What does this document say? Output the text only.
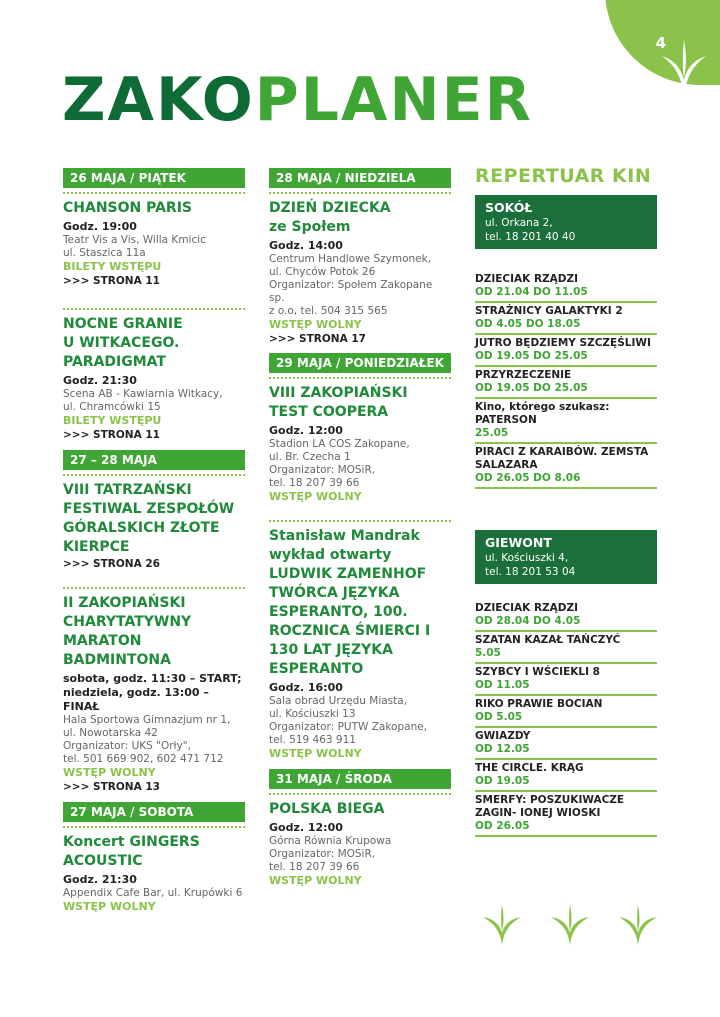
4
ZAKOPLANER
26 MAJA / PIĄTEK
CHANSON PARIS
Godz. 19:00
Teatr Vis a Vis, Willa Kmicic
ul. Staszica 11a
BILETY WSTĘPU
>>> STRONA 11
NOCNE GRANIE U WITKACEGO. PARADIGMAT
Godz. 21:30
Scena AB - Kawiarnia Witkacy,
ul. Chramcówki 15
BILETY WSTĘPU
>>> STRONA 11
27 – 28 MAJA
VIII TATRZAŃSKI FESTIWAL ZESPOŁÓW GÓRALSKICH ZŁOTE KIERPCE
>>> STRONA 26
II ZAKOPIAŃSKI CHARYTATYWNY MARATON BADMINTONA
sobota, godz. 11:30 – START;
niedziela, godz. 13:00 – FINAŁ
Hala Sportowa Gimnazjum nr 1,
ul. Nowotarska 42
Organizator: UKS "Orły",
tel. 501 669 902, 602 471 712
WSTĘP WOLNY
>>> STRONA 13
27 MAJA / SOBOTA
Koncert GINGERS ACOUSTIC
Godz. 21:30
Appendix Cafe Bar, ul. Krupówki 6
WSTĘP WOLNY
28 MAJA / NIEDZIELA
DZIEŃ DZIECKA ze Społem
Godz. 14:00
Centrum Handlowe Szymonek,
ul. Chyców Potok 26
Organizator: Społem Zakopane sp.
z o.o, tel. 504 315 565
WSTĘP WOLNY
>>> STRONA 17
29 MAJA / PONIEDZIAŁEK
VIII ZAKOPIAŃSKI TEST COOPERA
Godz. 12:00
Stadion LA COS Zakopane,
ul. Br. Czecha 1
Organizator: MOSiR,
tel. 18 207 39 66
WSTĘP WOLNY
Stanisław Mandrak wykład otwarty LUDWIK ZAMENHOF TWÓRCA JĘZYKA ESPERANTO, 100. ROCZNICA ŚMIERCI I 130 LAT JĘZYKA ESPERANTO
Godz. 16:00
Sala obrad Urzędu Miasta,
ul. Kościuszki 13
Organizator: PUTW Zakopane,
tel. 519 463 911
WSTĘP WOLNY
31 MAJA / ŚRODA
POLSKA BIEGA
Godz. 12:00
Górna Równia Krupowa
Organizator: MOSiR,
tel. 18 207 39 66
WSTĘP WOLNY
REPERTUAR KIN
SOKÓŁ
ul. Orkana 2,
tel. 18 201 40 40
DZIECIAK RZĄDZI
OD 21.04 DO 11.05
STRAŻNICY GALAKTYKI 2
OD 4.05 DO 18.05
JUTRO BĘDZIEMY SZCZĘŚLIWI
OD 19.05 DO 25.05
PRZYRZECZENIE
OD 19.05 DO 25.05
Kino, którego szukasz: PATERSON
25.05
PIRACI Z KARAIBÓW. ZEMSTA SALAZARA
OD 26.05 DO 8.06
GIEWONT
ul. Kościuszki 4,
tel. 18 201 53 04
DZIECIAK RZĄDZI
OD 28.04 DO 4.05
SZATAN KAZAŁ TAŃCZYĆ
5.05
SZYBCY I WŚCIEKLI 8
OD 11.05
RIKO PRAWIE BOCIAN
OD 5.05
GWIAZDY
OD 12.05
THE CIRCLE. KRĄG
OD 19.05
SMERFY: POSZUKIWACZE ZAGIN- IONEJ WIOSKI
OD 26.05
